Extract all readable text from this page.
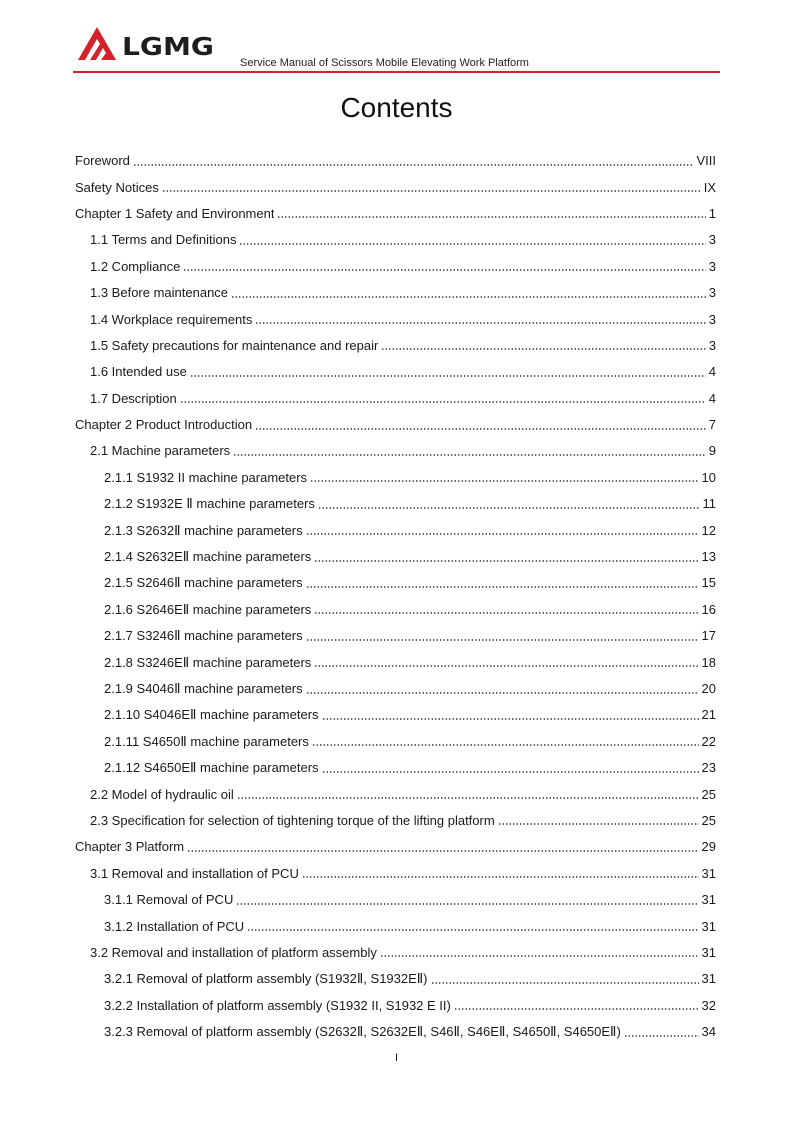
LGMG
Service Manual of Scissors Mobile Elevating Work Platform
Contents
Foreword	VIII
Safety Notices	IX
Chapter 1 Safety and Environment	1
1.1 Terms and Definitions	3
1.2 Compliance	3
1.3 Before maintenance	3
1.4 Workplace requirements	3
1.5 Safety precautions for maintenance and repair	3
1.6 Intended use	4
1.7 Description	4
Chapter 2 Product Introduction	7
2.1 Machine parameters	9
2.1.1 S1932 II machine parameters	10
2.1.2 S1932E Ⅱ machine parameters	11
2.1.3 S2632Ⅱ machine parameters	12
2.1.4 S2632EⅡ machine parameters	13
2.1.5 S2646Ⅱ machine parameters	15
2.1.6 S2646EⅡ machine parameters	16
2.1.7 S3246Ⅱ machine parameters	17
2.1.8 S3246EⅡ machine parameters	18
2.1.9 S4046Ⅱ machine parameters	20
2.1.10 S4046EⅡ machine parameters	21
2.1.11 S4650Ⅱ machine parameters	22
2.1.12 S4650EⅡ machine parameters	23
2.2 Model of hydraulic oil	25
2.3 Specification for selection of tightening torque of the lifting platform	25
Chapter 3 Platform	29
3.1 Removal and installation of PCU	31
3.1.1 Removal of PCU	31
3.1.2 Installation of PCU	31
3.2 Removal and installation of platform assembly	31
3.2.1 Removal of platform assembly (S1932Ⅱ, S1932EⅡ)	31
3.2.2 Installation of platform assembly (S1932 II, S1932 E II)	32
3.2.3 Removal of platform assembly (S2632Ⅱ, S2632EⅡ, S46Ⅱ, S46EⅡ, S4650Ⅱ, S4650EⅡ)	34
I
